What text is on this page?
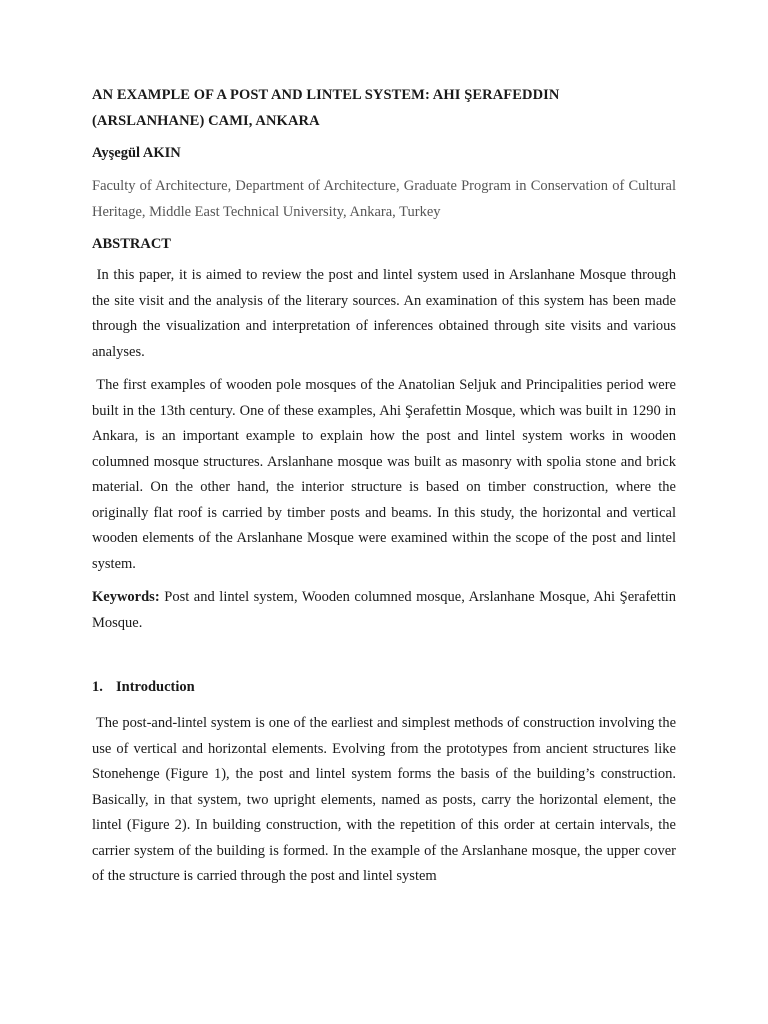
AN EXAMPLE OF A POST AND LINTEL SYSTEM: AHI ŞERAFEDDIN
(ARSLANHANE) CAMI, ANKARA
Ayşegül AKIN
Faculty of Architecture, Department of Architecture, Graduate Program in Conservation of Cultural Heritage, Middle East Technical University, Ankara, Turkey
ABSTRACT

In this paper, it is aimed to review the post and lintel system used in Arslanhane Mosque through the site visit and the analysis of the literary sources. An examination of this system has been made through the visualization and interpretation of inferences obtained through site visits and various analyses.

The first examples of wooden pole mosques of the Anatolian Seljuk and Principalities period were built in the 13th century. One of these examples, Ahi Şerafettin Mosque, which was built in 1290 in Ankara, is an important example to explain how the post and lintel system works in wooden columned mosque structures. Arslanhane mosque was built as masonry with spolia stone and brick material. On the other hand, the interior structure is based on timber construction, where the originally flat roof is carried by timber posts and beams. In this study, the horizontal and vertical wooden elements of the Arslanhane Mosque were examined within the scope of the post and lintel system.

Keywords: Post and lintel system, Wooden columned mosque, Arslanhane Mosque, Ahi Şerafettin Mosque.

1. Introduction

The post-and-lintel system is one of the earliest and simplest methods of construction involving the use of vertical and horizontal elements. Evolving from the prototypes from ancient structures like Stonehenge (Figure 1), the post and lintel system forms the basis of the building’s construction. Basically, in that system, two upright elements, named as posts, carry the horizontal element, the lintel (Figure 2). In building construction, with the repetition of this order at certain intervals, the carrier system of the building is formed. In the example of the Arslanhane mosque, the upper cover of the structure is carried through the post and lintel system
